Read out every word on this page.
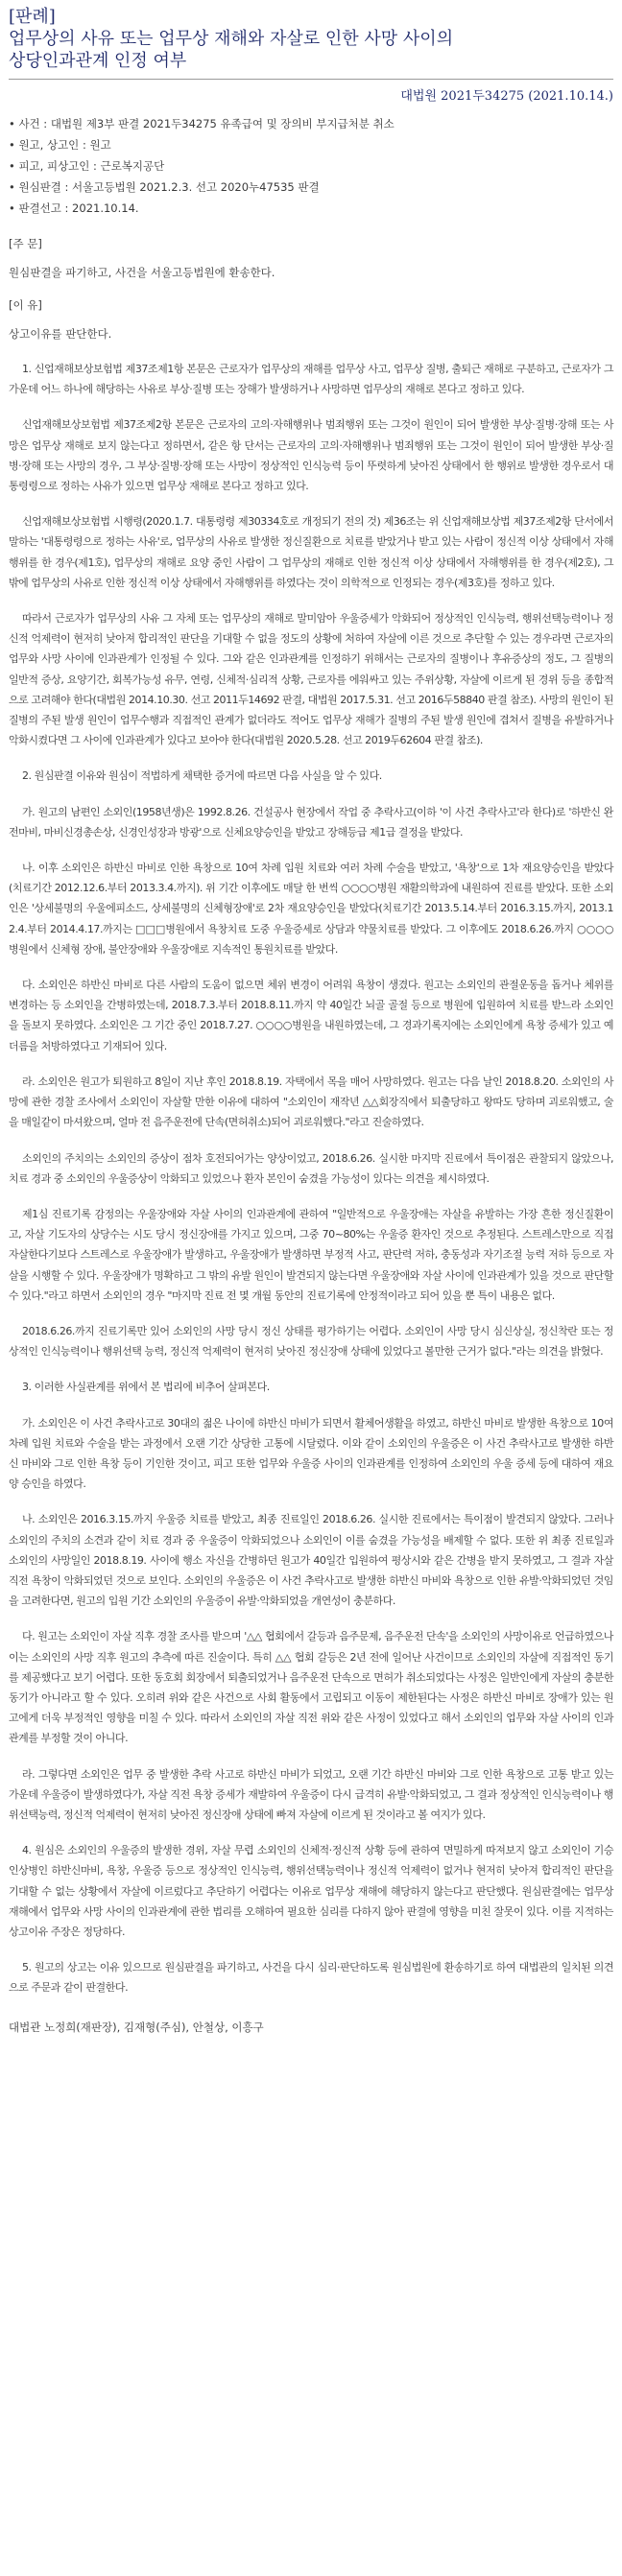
[판례]
업무상의 사유 또는 업무상 재해와 자살로 인한 사망 사이의
상당인과관계 인정 여부
대법원 2021두34275 (2021.10.14.)
• 사건 : 대법원 제3부 판결 2021두34275 유족급여 및 장의비 부지급처분 취소
• 원고, 상고인 : 원고
• 피고, 피상고인 : 근로복지공단
• 원심판결 : 서울고등법원 2021.2.3. 선고 2020누47535 판결
• 판결선고 : 2021.10.14.
[주 문]
원심판결을 파기하고, 사건을 서울고등법원에 환송한다.
[이 유]
상고이유를 판단한다.

1. 신업재해보상보험법 제37조제1항 본문은 근로자가 업무상의 재해를 업무상 사고, 업무상 질병, 출퇴근 재해로 구분하고, 근로자가 그 가운데 어느 하나에 해당하는 사유로 부상·질병 또는 장해가 발생하거나 사망하면 업무상의 재해로 본다고 정하고 있다.

신업재해보상보험법 제37조제2항 본문은 근로자의 고의·자해행위나 범죄행위 또는 그것이 원인이 되어 발생한 부상·질병·장해 또는 사망은 업무상 재해로 보지 않는다고 정하면서, 같은 항 단서는 근로자의 고의·자해행위나 범죄행위 또는 그것이 원인이 되어 발생한 부상·질병·장해 또는 사망의 경우, 그 부상·질병·장해 또는 사망이 정상적인 인식능력 등이 뚜렷하게 낮아진 상태에서 한 행위로 발생한 경우로서 대통령령으로 정하는 사유가 있으면 업무상 재해로 본다고 정하고 있다.

신업재해보상보험법 시행령(2020.1.7. 대통령령 제30334호로 개정되기 전의 것) 제36조는 위 신업재해보상법 제37조제2항 단서에서 말하는 '대통령령으로 정하는 사유'로, 업무상의 사유로 발생한 정신질환으로 치료를 받았거나 받고 있는 사람이 정신적 이상 상태에서 자해행위를 한 경우(제1호), 업무상의 재해로 요양 중인 사람이 그 업무상의 재해로 인한 정신적 이상 상태에서 자해행위를 한 경우(제2호), 그 밖에 업무상의 사유로 인한 정신적 이상 상태에서 자해행위를 하였다는 것이 의학적으로 인정되는 경우(제3호)를 정하고 있다.

따라서 근로자가 업무상의 사유 그 자체 또는 업무상의 재해로 말미암아 우울증세가 악화되어 정상적인 인식능력, 행위선택능력이나 정신적 억제력이 현저히 낮아져 합리적인 판단을 기대할 수 없을 정도의 상황에 처하여 자살에 이른 것으로 추단할 수 있는 경우라면 근로자의 업무와 사망 사이에 인과관계가 인정될 수 있다. 그와 같은 인과관계를 인정하기 위해서는 근로자의 질병이나 후유증상의 정도, 그 질병의 일반적 증상, 요양기간, 회복가능성 유무, 연령, 신체적·심리적 상황, 근로자를 에워싸고 있는 주위상황, 자살에 이르게 된 경위 등을 종합적으로 고려해야 한다(대법원 2014.10.30. 선고 2011두14692 판결, 대법원 2017.5.31. 선고 2016두58840 판결 참조). 사망의 원인이 된 질병의 주된 발생 원인이 업무수행과 직접적인 관계가 없더라도 적어도 업무상 재해가 질병의 주된 발생 원인에 겹쳐서 질병을 유발하거나 악화시켰다면 그 사이에 인과관계가 있다고 보아야 한다(대법원 2020.5.28. 선고 2019두62604 판결 참조).

2. 원심판결 이유와 원심이 적법하게 채택한 증거에 따르면 다음 사실을 알 수 있다.

가. 원고의 남편인 소외인(1958년생)은 1992.8.26. 건설공사 현장에서 작업 중 추락사고(이하 '이 사건 추락사고'라 한다)로 '하반신 완전마비, 마비신경총손상, 신경인성장과 방광'으로 신체요양승인을 받았고 장해등급 제1급 결정을 받았다.

나. 이후 소외인은 하반신 마비로 인한 욕창으로 10여 차례 입원 치료와 여러 차례 수술을 받았고, '욕창'으로 1차 재요양승인을 받았다(치료기간 2012.12.6.부터 2013.3.4.까지). 위 기간 이후에도 매달 한 번씩 ○○○○병원 재활의학과에 내원하여 진료를 받았다. 또한 소외인은 '상세불명의 우울에피소드, 상세불명의 신체형장애'로 2차 재요양승인을 받았다(치료기간 2013.5.14.부터 2016.3.15.까지, 2013.12.4.부터 2014.4.17.까지는 □□□병원에서 욕창치료 도중 우울증세로 상담과 약물치료를 받았다. 그 이후에도 2018.6.26.까지 ○○○○병원에서 신체형 장애, 불안장애와 우울장애로 지속적인 통원치료를 받았다.

다. 소외인은 하반신 마비로 다른 사람의 도움이 없으면 체위 변경이 어려워 욕창이 생겼다. 원고는 소외인의 관절운동을 돕거나 체위를 변경하는 등 소외인을 간병하였는데, 2018.7.3.부터 2018.8.11.까지 약 40일간 뇌골 골절 등으로 병원에 입원하여 치료를 받느라 소외인을 돌보지 못하였다. 소외인은 그 기간 중인 2018.7.27. ○○○○병원을 내원하였는데, 그 경과기록지에는 소외인에게 욕창 증세가 있고 예더름을 처방하였다고 기재되어 있다.

라. 소외인은 원고가 퇴원하고 8일이 지난 후인 2018.8.19. 자택에서 목을 매어 사망하였다. 원고는 다음 날인 2018.8.20. 소외인의 사망에 관한 경찰 조사에서 소외인이 자살할 만한 이유에 대하여 "소외인이 재작년 △△회장직에서 퇴출당하고 왕따도 당하며 괴로워했고, 술을 매일같이 마셔왔으며, 얼마 전 음주운전에 단속(면허취소)되어 괴로워했다."라고 진술하였다.

소외인의 주치의는 소외인의 증상이 점차 호전되어가는 양상이었고, 2018.6.26. 실시한 마지막 진료에서 특이점은 관찰되지 않았으나, 치료 경과 중 소외인의 우울증상이 악화되고 있었으나 환자 본인이 숨겼을 가능성이 있다는 의견을 제시하였다.

제1심 진료기록 감정의는 우울장애와 자살 사이의 인과관계에 관하여 "일반적으로 우울장애는 자살을 유발하는 가장 흔한 정신질환이고, 자살 기도자의 상당수는 시도 당시 정신장애를 가지고 있으며, 그중 70~80%는 우울증 환자인 것으로 추정된다. 스트레스만으로 직접 자살한다기보다 스트레스로 우울장애가 발생하고, 우울장애가 발생하면 부정적 사고, 판단력 저하, 충동성과 자기조절 능력 저하 등으로 자살을 시행할 수 있다. 우울장애가 명확하고 그 밖의 유발 원인이 발견되지 않는다면 우울장애와 자살 사이에 인과관계가 있을 것으로 판단할 수 있다."라고 하면서 소외인의 경우 "마지막 진료 전 몇 개월 동안의 진료기록에 안정적이라고 되어 있을 뿐 특이 내용은 없다.

2018.6.26.까지 진료기록만 있어 소외인의 사망 당시 정신 상태를 평가하기는 어렵다. 소외인이 사망 당시 심신상실, 정신착란 또는 정상적인 인식능력이나 행위선택 능력, 정신적 억제력이 현저히 낮아진 정신장애 상태에 있었다고 볼만한 근거가 없다."라는 의견을 밝혔다.

3. 이러한 사실관계를 위에서 본 법리에 비추어 살펴본다.

가. 소외인은 이 사건 추락사고로 30대의 젊은 나이에 하반신 마비가 되면서 활체어생활을 하였고, 하반신 마비로 발생한 욕창으로 10여 차례 입원 치료와 수술을 받는 과정에서 오랜 기간 상당한 고통에 시달렸다. 이와 같이 소외인의 우울증은 이 사건 추락사고로 발생한 하반신 마비와 그로 인한 욕창 등이 기인한 것이고, 피고 또한 업무와 우울증 사이의 인과관계를 인정하여 소외인의 우울 증세 등에 대하여 재요양 승인을 하였다.

나. 소외인은 2016.3.15.까지 우울증 치료를 받았고, 최종 진료일인 2018.6.26. 실시한 진료에서는 특이점이 발견되지 않았다. 그러나 소외인의 주치의 소견과 같이 치료 경과 중 우울증이 악화되었으나 소외인이 이를 숨겼을 가능성을 배제할 수 없다. 또한 위 최종 진료일과 소외인의 사망일인 2018.8.19. 사이에 행소 자신을 간병하던 원고가 40일간 입원하여 평상시와 같은 간병을 받지 못하였고, 그 결과 자살 직전 욕창이 악화되었던 것으로 보인다. 소외인의 우울증은 이 사건 추락사고로 발생한 하반신 마비와 욕창으로 인한 유발·악화되었던 것임을 고려한다면, 원고의 입원 기간 소외인의 우울증이 유발·악화되었을 개연성이 충분하다.

다. 원고는 소외인이 자살 직후 경찰 조사를 받으며 '△△ 협회에서 갈등과 음주문제, 음주운전 단속'을 소외인의 사망이유로 언급하였으나 이는 소외인의 사망 직후 원고의 추측에 따른 진술이다. 특히 △△ 협회 갈등은 2년 전에 일어난 사건이므로 소외인의 자살에 직접적인 동기를 제공했다고 보기 어렵다. 또한 동호회 회장에서 퇴출되었거나 음주운전 단속으로 면허가 취소되었다는 사정은 일반인에게 자살의 충분한 동기가 아니라고 할 수 있다. 오히려 위와 같은 사건으로 사회 활동에서 고립되고 이동이 제한된다는 사정은 하반신 마비로 장애가 있는 원고에게 더욱 부정적인 영향을 미칠 수 있다. 따라서 소외인의 자살 직전 위와 같은 사정이 있었다고 해서 소외인의 업무와 자살 사이의 인과관계를 부정할 것이 아니다.

라. 그렇다면 소외인은 업무 중 발생한 추락 사고로 하반신 마비가 되었고, 오랜 기간 하반신 마비와 그로 인한 욕창으로 고통 받고 있는 가운데 우울증이 발생하였다가, 자살 직전 욕창 증세가 재발하여 우울증이 다시 급격히 유발·악화되었고, 그 결과 정상적인 인식능력이나 행위선택능력, 정신적 억제력이 현저히 낮아진 정신장애 상태에 빠져 자살에 이르게 된 것이라고 볼 여지가 있다.

4. 원심은 소외인의 우울증의 발생한 경위, 자살 무렵 소외인의 신체적·정신적 상황 등에 관하여 면밀하게 따져보지 않고 소외인이 기승인상병인 하반신마비, 욕창, 우울증 등으로 정상적인 인식능력, 행위선택능력이나 정신적 억제력이 없거나 현저히 낮아져 합리적인 판단을 기대할 수 없는 상황에서 자살에 이르렀다고 추단하기 어렵다는 이유로 업무상 재해에 해당하지 않는다고 판단했다. 원심판결에는 업무상 재해에서 업무와 사망 사이의 인과관계에 관한 법리를 오해하여 필요한 심리를 다하지 않아 판결에 영향을 미친 잘못이 있다. 이를 지적하는 상고이유 주장은 정당하다.

5. 원고의 상고는 이유 있으므로 원심판결을 파기하고, 사건을 다시 심리·판단하도록 원심법원에 환송하기로 하여 대법관의 일치된 의견으로 주문과 같이 판결한다.

대법관 노정희(재판장), 김재형(주심), 안철상, 이흥구
